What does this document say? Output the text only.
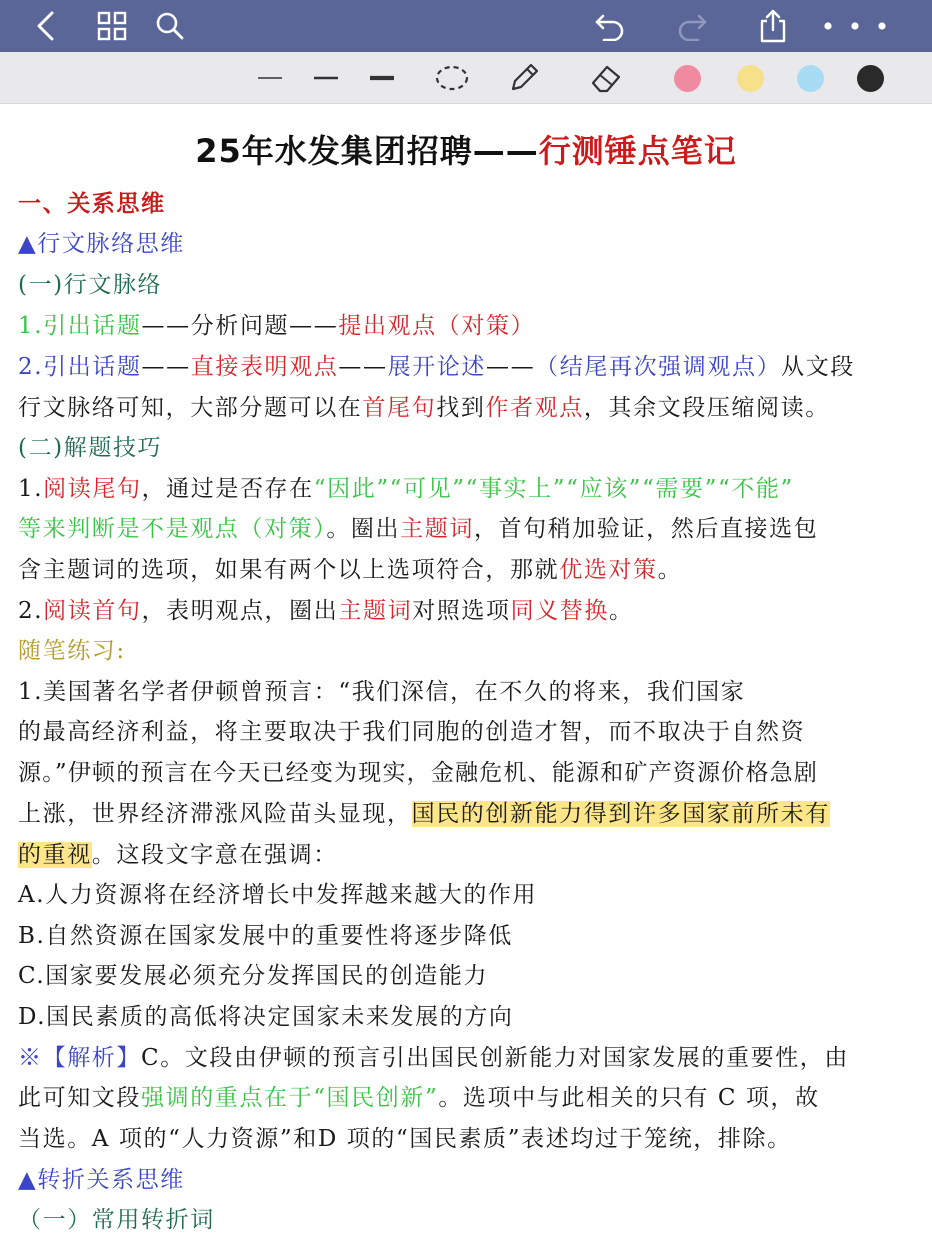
25年水发集团招聘——行测锤点笔记
一、关系思维
▲行文脉络思维
(一)行文脉络
1.引出话题——分析问题——提出观点（对策）
2.引出话题——直接表明观点——展开论述——（结尾再次强调观点）从文段
行文脉络可知，大部分题可以在首尾句找到作者观点，其余文段压缩阅读。
(二)解题技巧
1.阅读尾句，通过是否存在“因此”“可见”“事实上”“应该”“需要”“不能”
等来判断是不是观点（对策）。圈出主题词，首句稍加验证，然后直接选包
含主题词的选项，如果有两个以上选项符合，那就优选对策。
2.阅读首句，表明观点，圈出主题词对照选项同义替换。
随笔练习:
1.美国著名学者伊顿曾预言：“我们深信，在不久的将来，我们国家
的最高经济利益，将主要取决于我们同胞的创造才智，而不取决于自然资
源。”伊顿的预言在今天已经变为现实，金融危机、能源和矿产资源价格急剧
上涨，世界经济滞涨风险苗头显现，国民的创新能力得到许多国家前所未有
的重视。这段文字意在强调：
A.人力资源将在经济增长中发挥越来越大的作用
B.自然资源在国家发展中的重要性将逐步降低
C.国家要发展必须充分发挥国民的创造能力
D.国民素质的高低将决定国家未来发展的方向
※【解析】C。文段由伊顿的预言引出国民创新能力对国家发展的重要性，由
此可知文段强调的重点在于“国民创新”。选项中与此相关的只有 C 项，故
当选。A 项的“人力资源”和D 项的“国民素质”表述均过于笼统，排除。
▲转折关系思维
（一）常用转折词
